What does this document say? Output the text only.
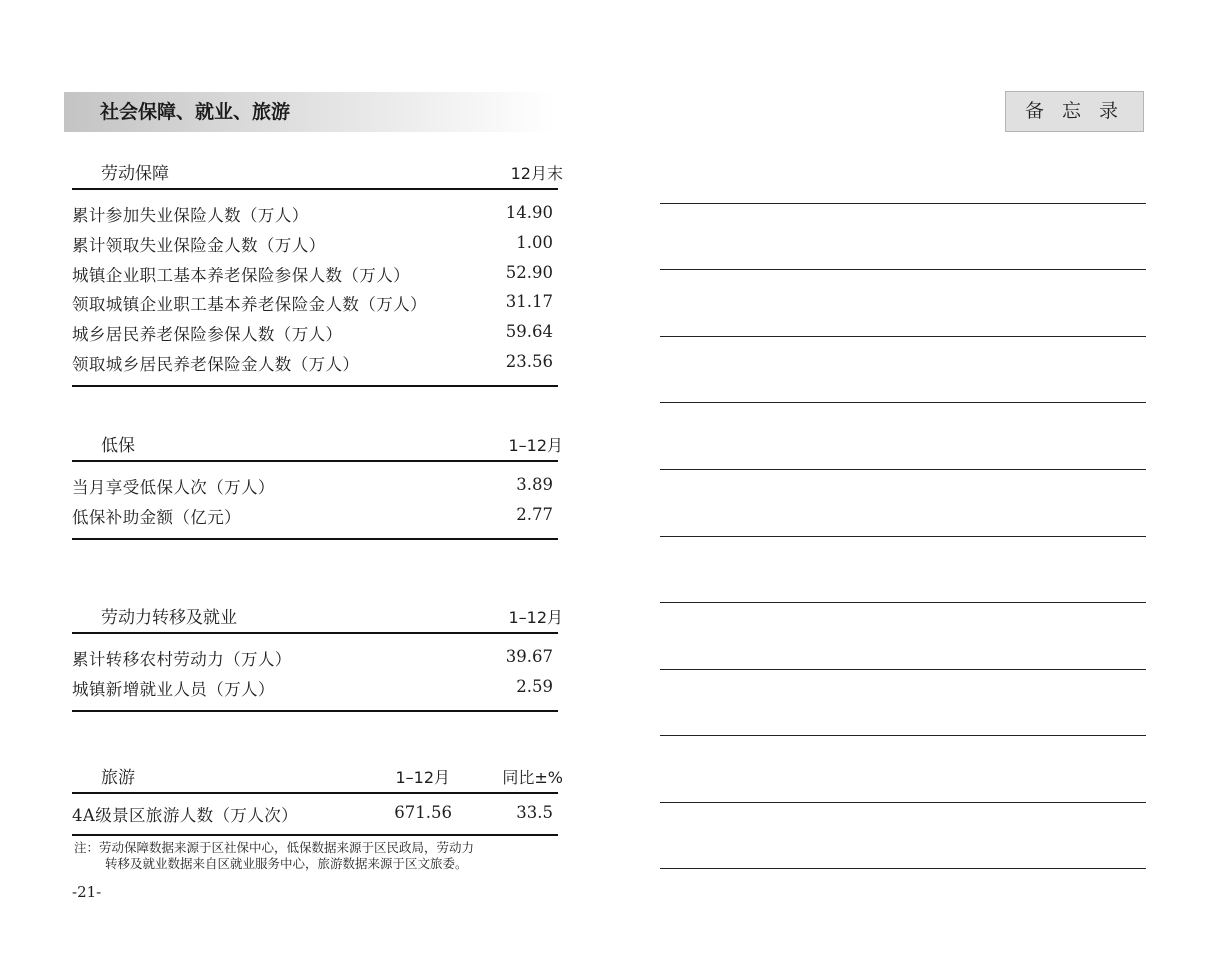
社会保障、就业、旅游	备 忘 录
劳动保障	12月末
累计参加失业保险人数（万人）	14.90
累计领取失业保险金人数（万人）	1.00
城镇企业职工基本养老保险参保人数（万人）	52.90
领取城镇企业职工基本养老保险金人数（万人）	31.17
城乡居民养老保险参保人数（万人）	59.64
领取城乡居民养老保险金人数（万人）	23.56
低保	1–12月
当月享受低保人次（万人）	3.89
低保补助金额（亿元）	2.77
劳动力转移及就业	1–12月
累计转移农村劳动力（万人）	39.67
城镇新增就业人员（万人）	2.59
旅游	1–12月	同比±%
4A级景区旅游人数（万人次）	671.56	33.5
注：劳动保障数据来源于区社保中心，低保数据来源于区民政局，劳动力
转移及就业数据来自区就业服务中心，旅游数据来源于区文旅委。
-21-
